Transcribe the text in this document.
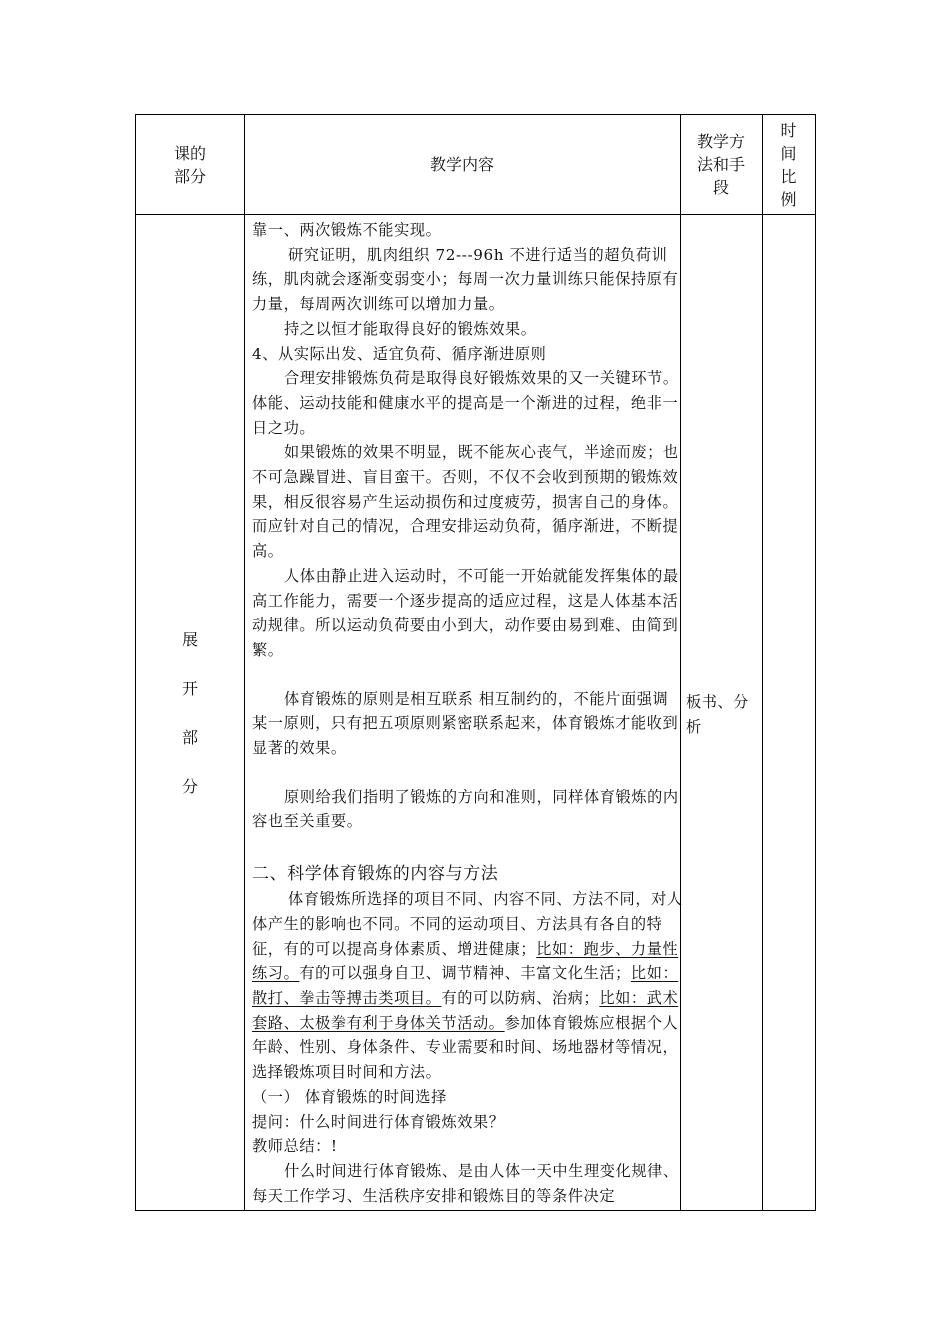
课的
部分
教学内容
教学方
法和手
段
时
间
比
例
展
开
部
分

靠一、两次锻炼不能实现。

研究证明，肌肉组织 72---96h 不进行适当的超负荷训练，肌肉就会逐渐变弱变小；每周一次力量训练只能保持原有力量，每周两次训练可以增加力量。

持之以恒才能取得良好的锻炼效果。

4、从实际出发、适宜负荷、循序渐进原则

合理安排锻炼负荷是取得良好锻炼效果的又一关键环节。体能、运动技能和健康水平的提高是一个渐进的过程，绝非一日之功。

如果锻炼的效果不明显，既不能灰心丧气，半途而废；也不可急躁冒进、盲目蛮干。否则，不仅不会收到预期的锻炼效果，相反很容易产生运动损伤和过度疲劳，损害自己的身体。而应针对自己的情况，合理安排运动负荷，循序渐进，不断提高。

人体由静止进入运动时，不可能一开始就能发挥集体的最高工作能力，需要一个逐步提高的适应过程，这是人体基本活动规律。所以运动负荷要由小到大，动作要由易到难、由简到繁。

体育锻炼的原则是相互联系 相互制约的，不能片面强调某一原则，只有把五项原则紧密联系起来，体育锻炼才能收到显著的效果。

原则给我们指明了锻炼的方向和准则，同样体育锻炼的内容也至关重要。

二、科学体育锻炼的内容与方法

体育锻炼所选择的项目不同、内容不同、方法不同，对人体产生的影响也不同。不同的运动项目、方法具有各自的特征，有的可以提高身体素质、增进健康；比如：跑步、力量性练习。有的可以强身自卫、调节精神、丰富文化生活；比如：散打、拳击等搏击类项目。有的可以防病、治病；比如：武术套路、太极拳有利于身体关节活动。参加体育锻炼应根据个人年龄、性别、身体条件、专业需要和时间、场地器材等情况，选择锻炼项目时间和方法。

（一） 体育锻炼的时间选择

提问：什么时间进行体育锻炼效果？

教师总结：!

什么时间进行体育锻炼、是由人体一天中生理变化规律、每天工作学习、生活秩序安排和锻炼目的等条件决定

板书、分析
